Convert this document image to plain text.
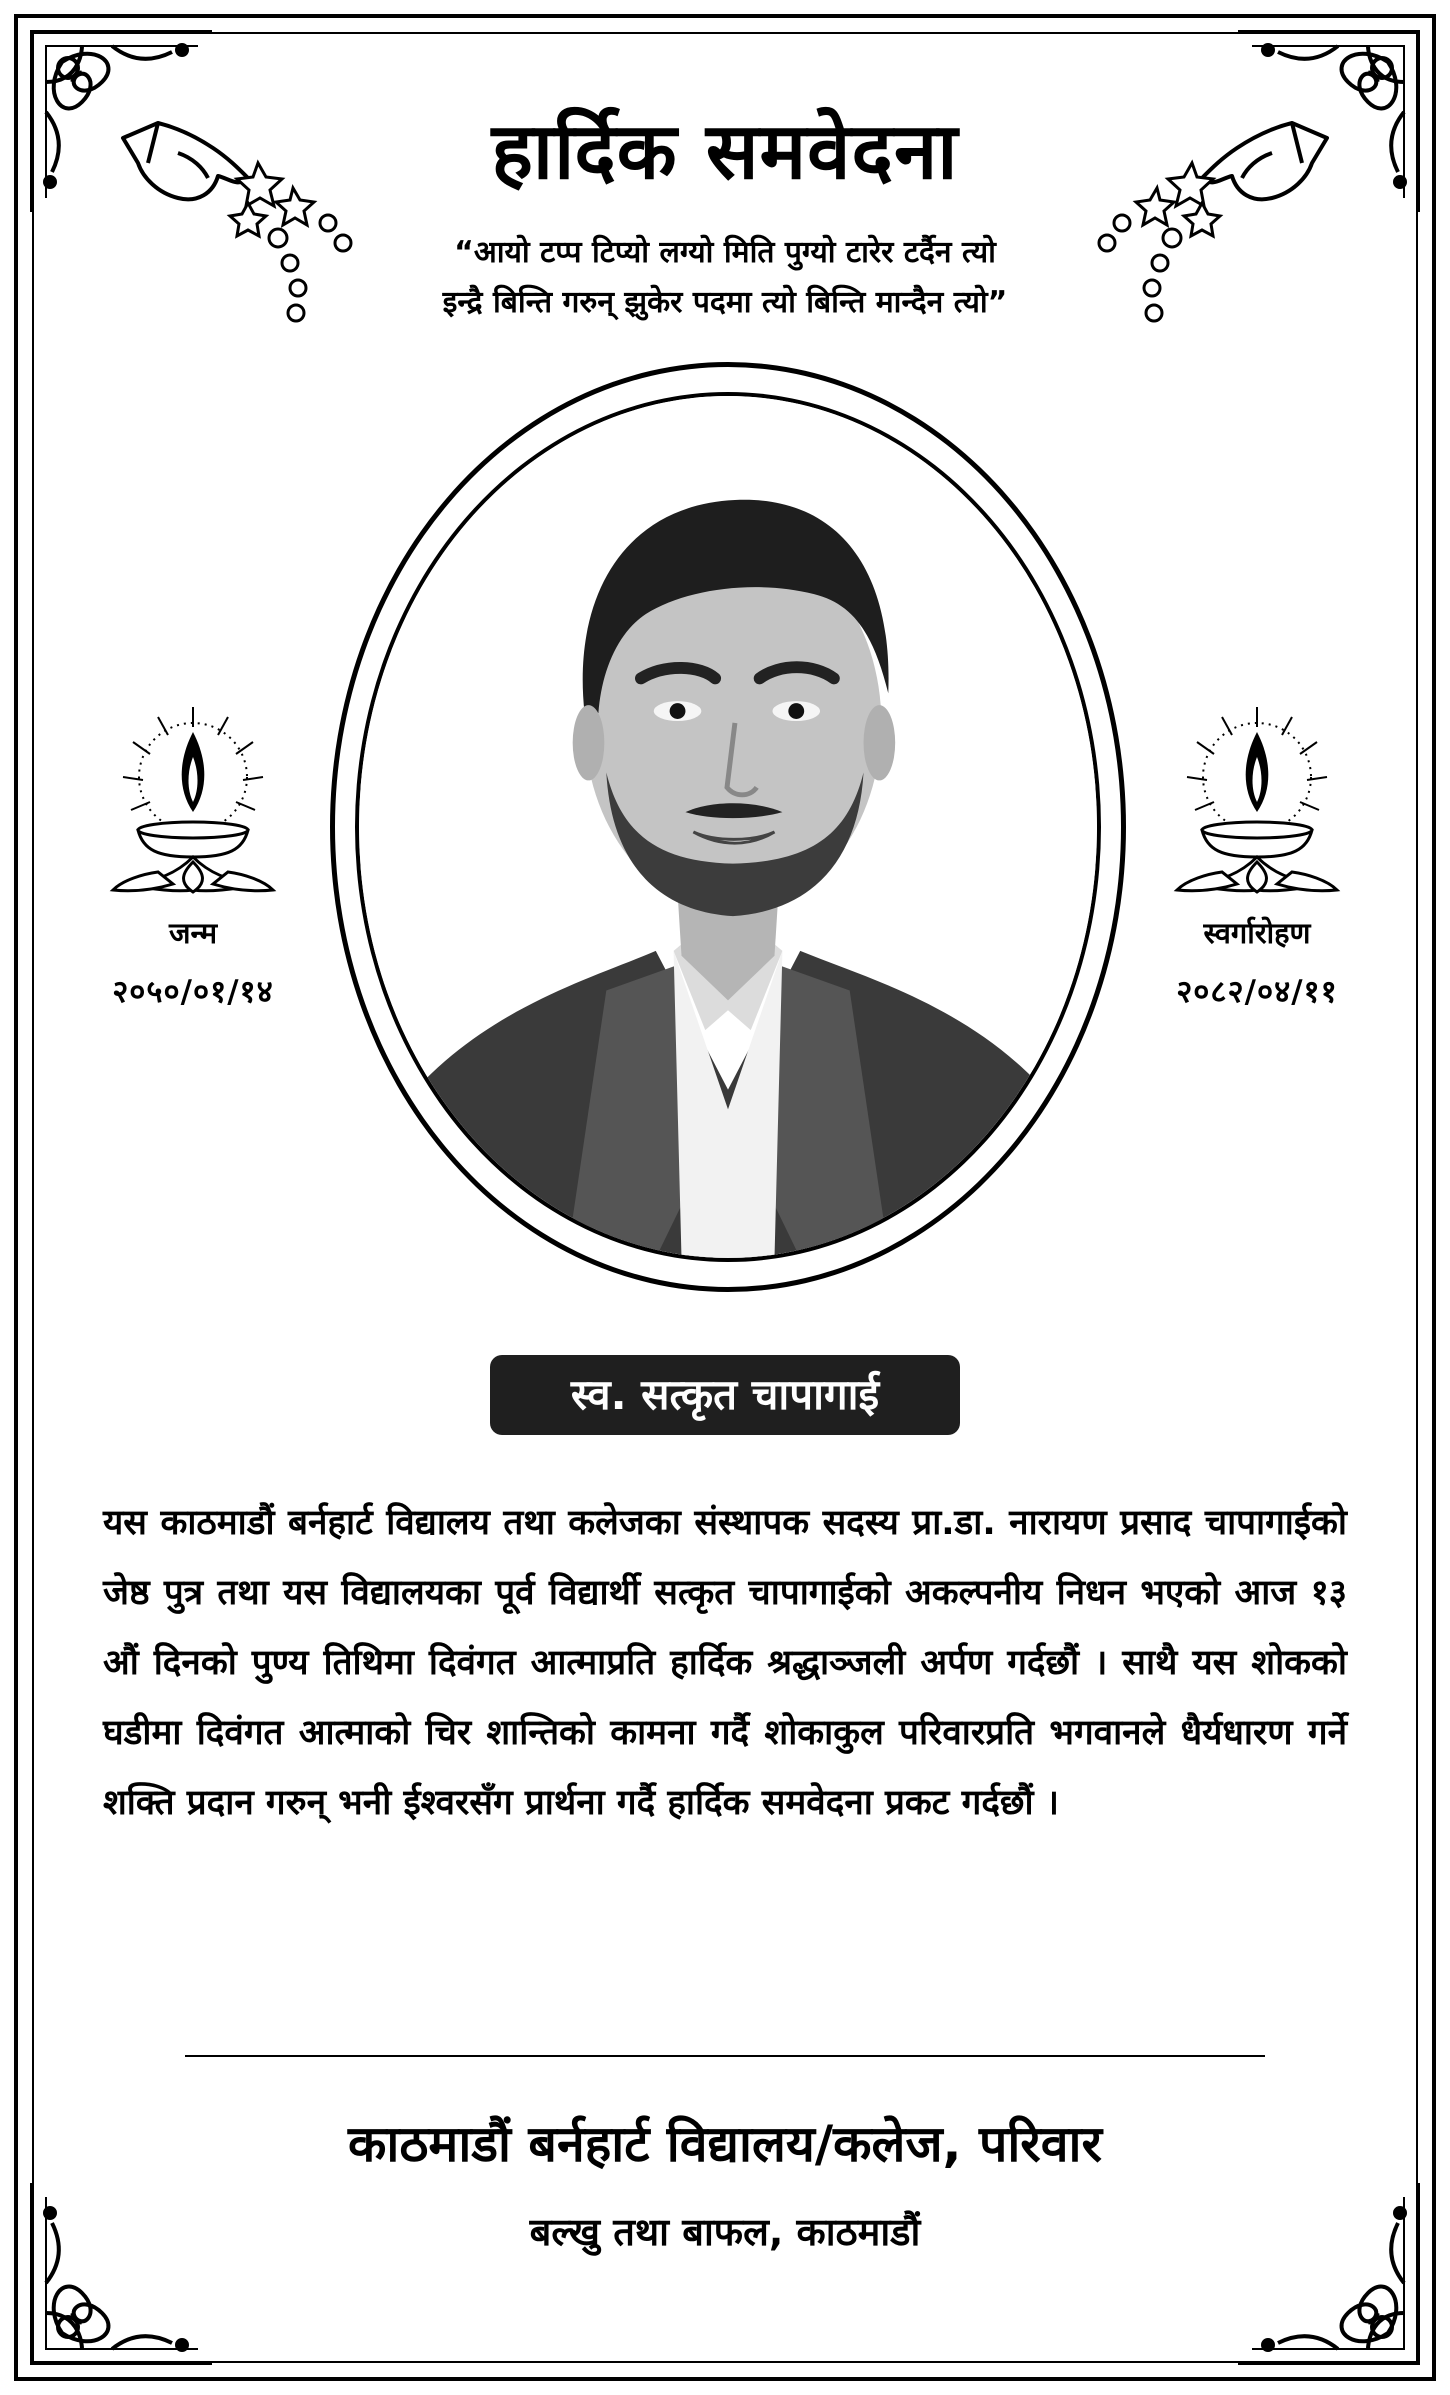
हार्दिक समवेदना
“आयो टप्प टिप्यो लग्यो मिति पुग्यो टारेर टर्दैन त्यो
इन्द्रै बिन्ति गरुन् झुकेर पदमा त्यो बिन्ति मान्दैन त्यो”
जन्म
२०५०/०१/१४
स्वर्गारोहण
२०८२/०४/११
स्व. सत्कृत चापागाई
यस काठमाडौं बर्नहार्ट विद्यालय तथा कलेजका संस्थापक सदस्य प्रा.डा. नारायण प्रसाद चापागाईको जेष्ठ पुत्र तथा यस विद्यालयका पूर्व विद्यार्थी सत्कृत चापागाईको अकल्पनीय निधन भएको आज १३ औं दिनको पुण्य तिथिमा दिवंगत आत्माप्रति हार्दिक श्रद्धाञ्जली अर्पण गर्दछौं । साथै यस शोकको घडीमा दिवंगत आत्माको चिर शान्तिको कामना गर्दै शोकाकुल परिवारप्रति भगवानले धैर्यधारण गर्ने शक्ति प्रदान गरुन् भनी ईश्वरसँग प्रार्थना गर्दै हार्दिक समवेदना प्रकट गर्दछौं ।
काठमाडौं बर्नहार्ट विद्यालय/कलेज, परिवार
बल्खु तथा बाफल, काठमाडौं
